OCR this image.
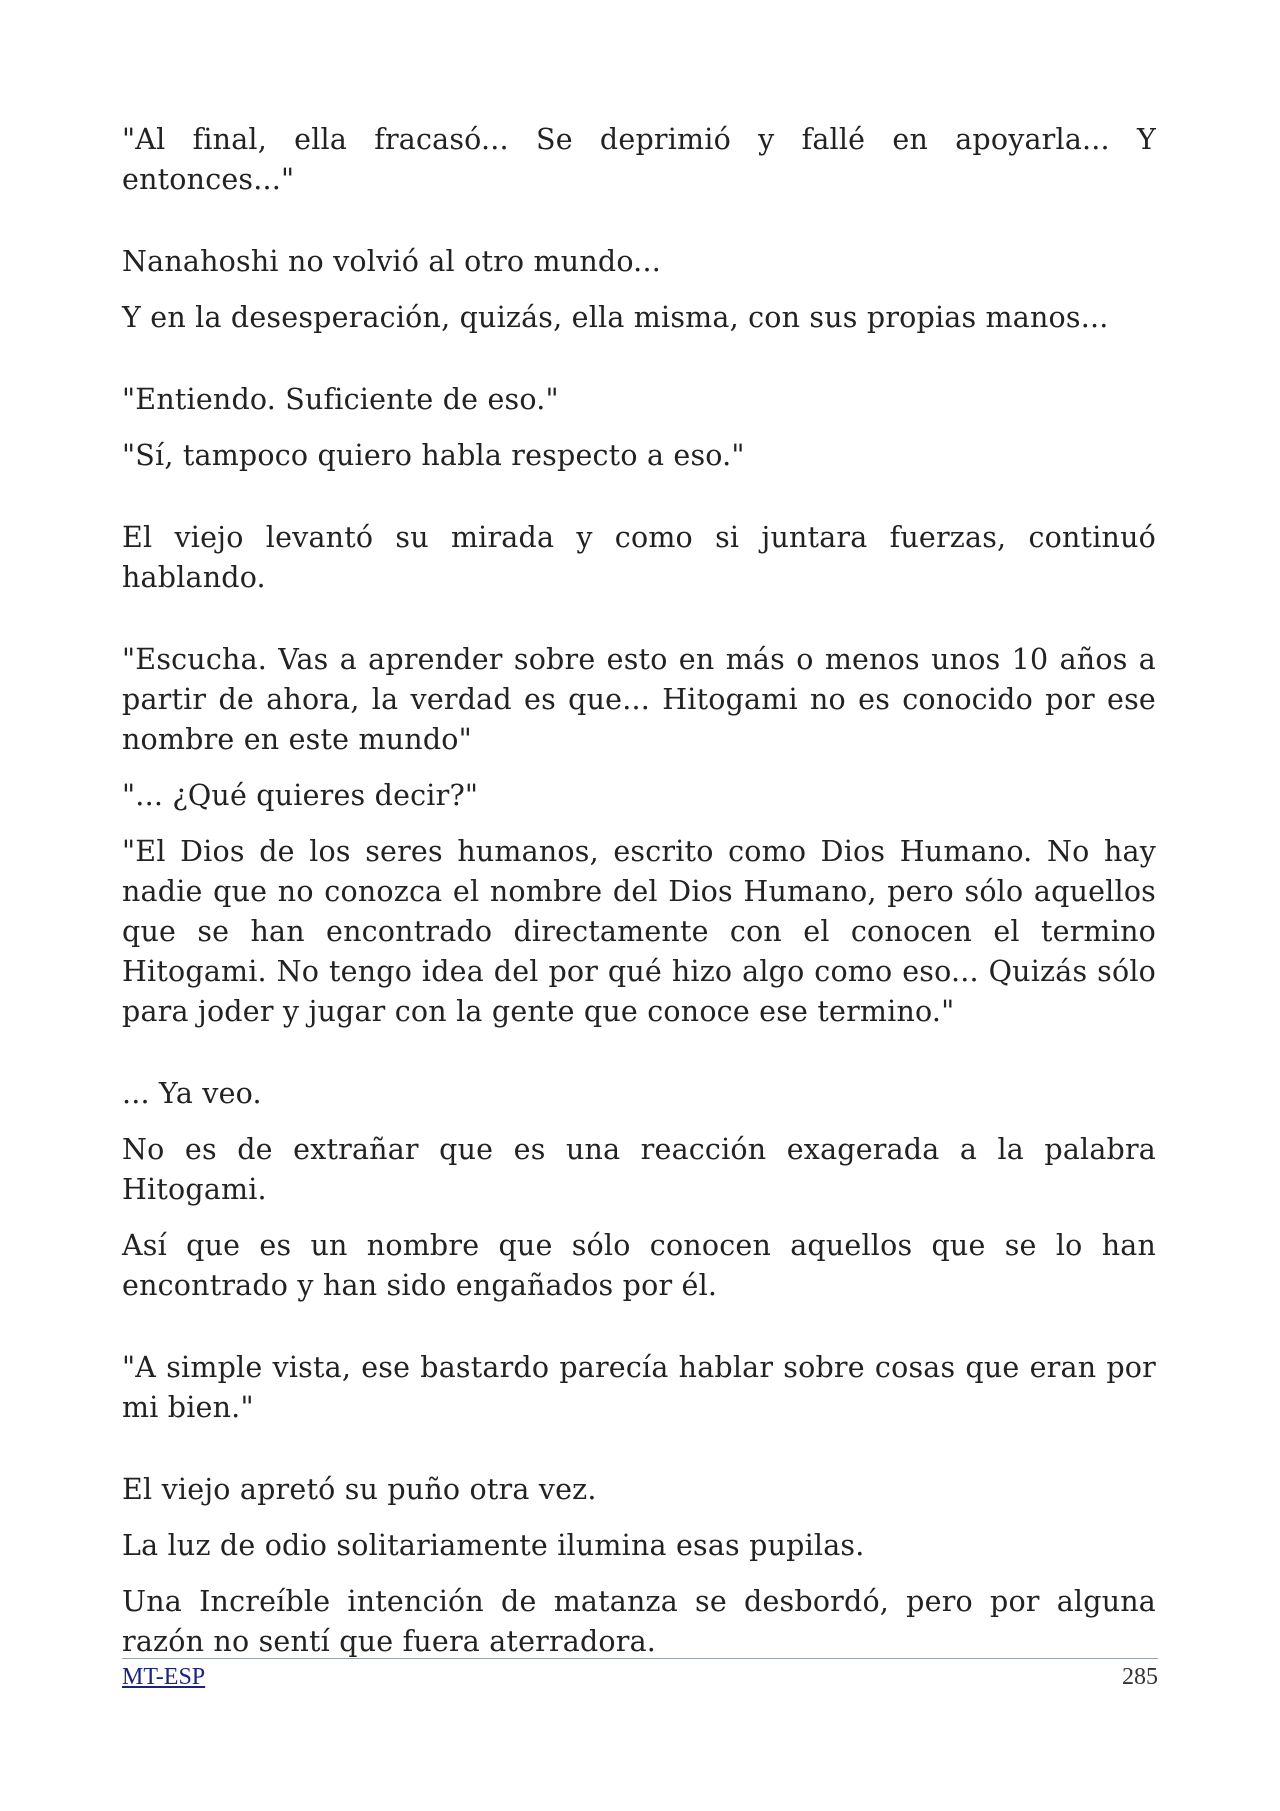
"Al final, ella fracasó... Se deprimió y fallé en apoyarla... Y entonces..."

Nanahoshi no volvió al otro mundo...

Y en la desesperación, quizás, ella misma, con sus propias manos...

"Entiendo. Suficiente de eso."

"Sí, tampoco quiero habla respecto a eso."

El viejo levantó su mirada y como si juntara fuerzas, continuó hablando.

"Escucha. Vas a aprender sobre esto en más o menos unos 10 años a partir de ahora, la verdad es que... Hitogami no es conocido por ese nombre en este mundo"

"... ¿Qué quieres decir?"

"El Dios de los seres humanos, escrito como Dios Humano. No hay nadie que no conozca el nombre del Dios Humano, pero sólo aquellos que se han encontrado directamente con el conocen el termino Hitogami. No tengo idea del por qué hizo algo como eso... Quizás sólo para joder y jugar con la gente que conoce ese termino."

... Ya veo.

No es de extrañar que es una reacción exagerada a la palabra Hitogami.

Así que es un nombre que sólo conocen aquellos que se lo han encontrado y han sido engañados por él.

"A simple vista, ese bastardo parecía hablar sobre cosas que eran por mi bien."

El viejo apretó su puño otra vez.

La luz de odio solitariamente ilumina esas pupilas.

Una Increíble intención de matanza se desbordó, pero por alguna razón no sentí que fuera aterradora.

MT-ESP	285
